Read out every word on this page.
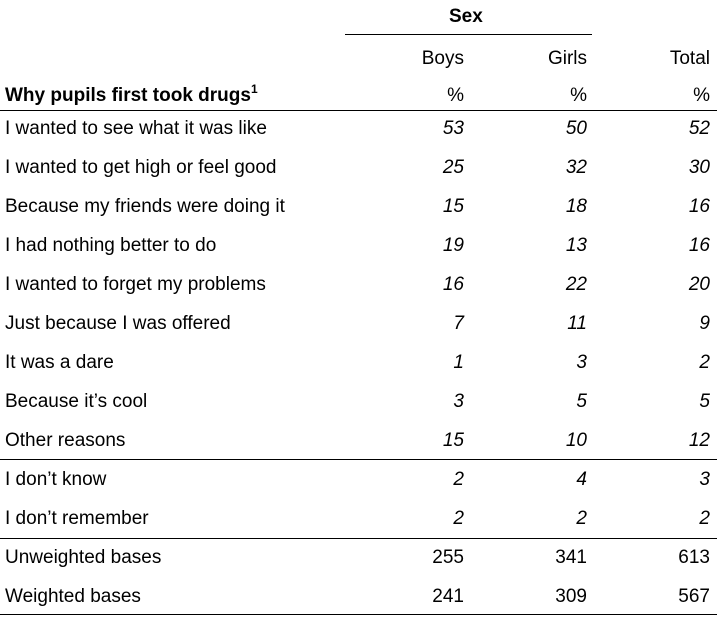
Sex
Boys	Girls	Total
Why pupils first took drugs$^1$	%	%	%
I wanted to see what it was like	53	50	52
I wanted to get high or feel good	25	32	30
Because my friends were doing it	15	18	16
I had nothing better to do	19	13	16
I wanted to forget my problems	16	22	20
Just because I was offered	7	11	9
It was a dare	1	3	2
Because it’s cool	3	5	5
Other reasons	15	10	12
I don’t know	2	4	3
I don’t remember	2	2	2
Unweighted bases	255	341	613
Weighted bases	241	309	567
